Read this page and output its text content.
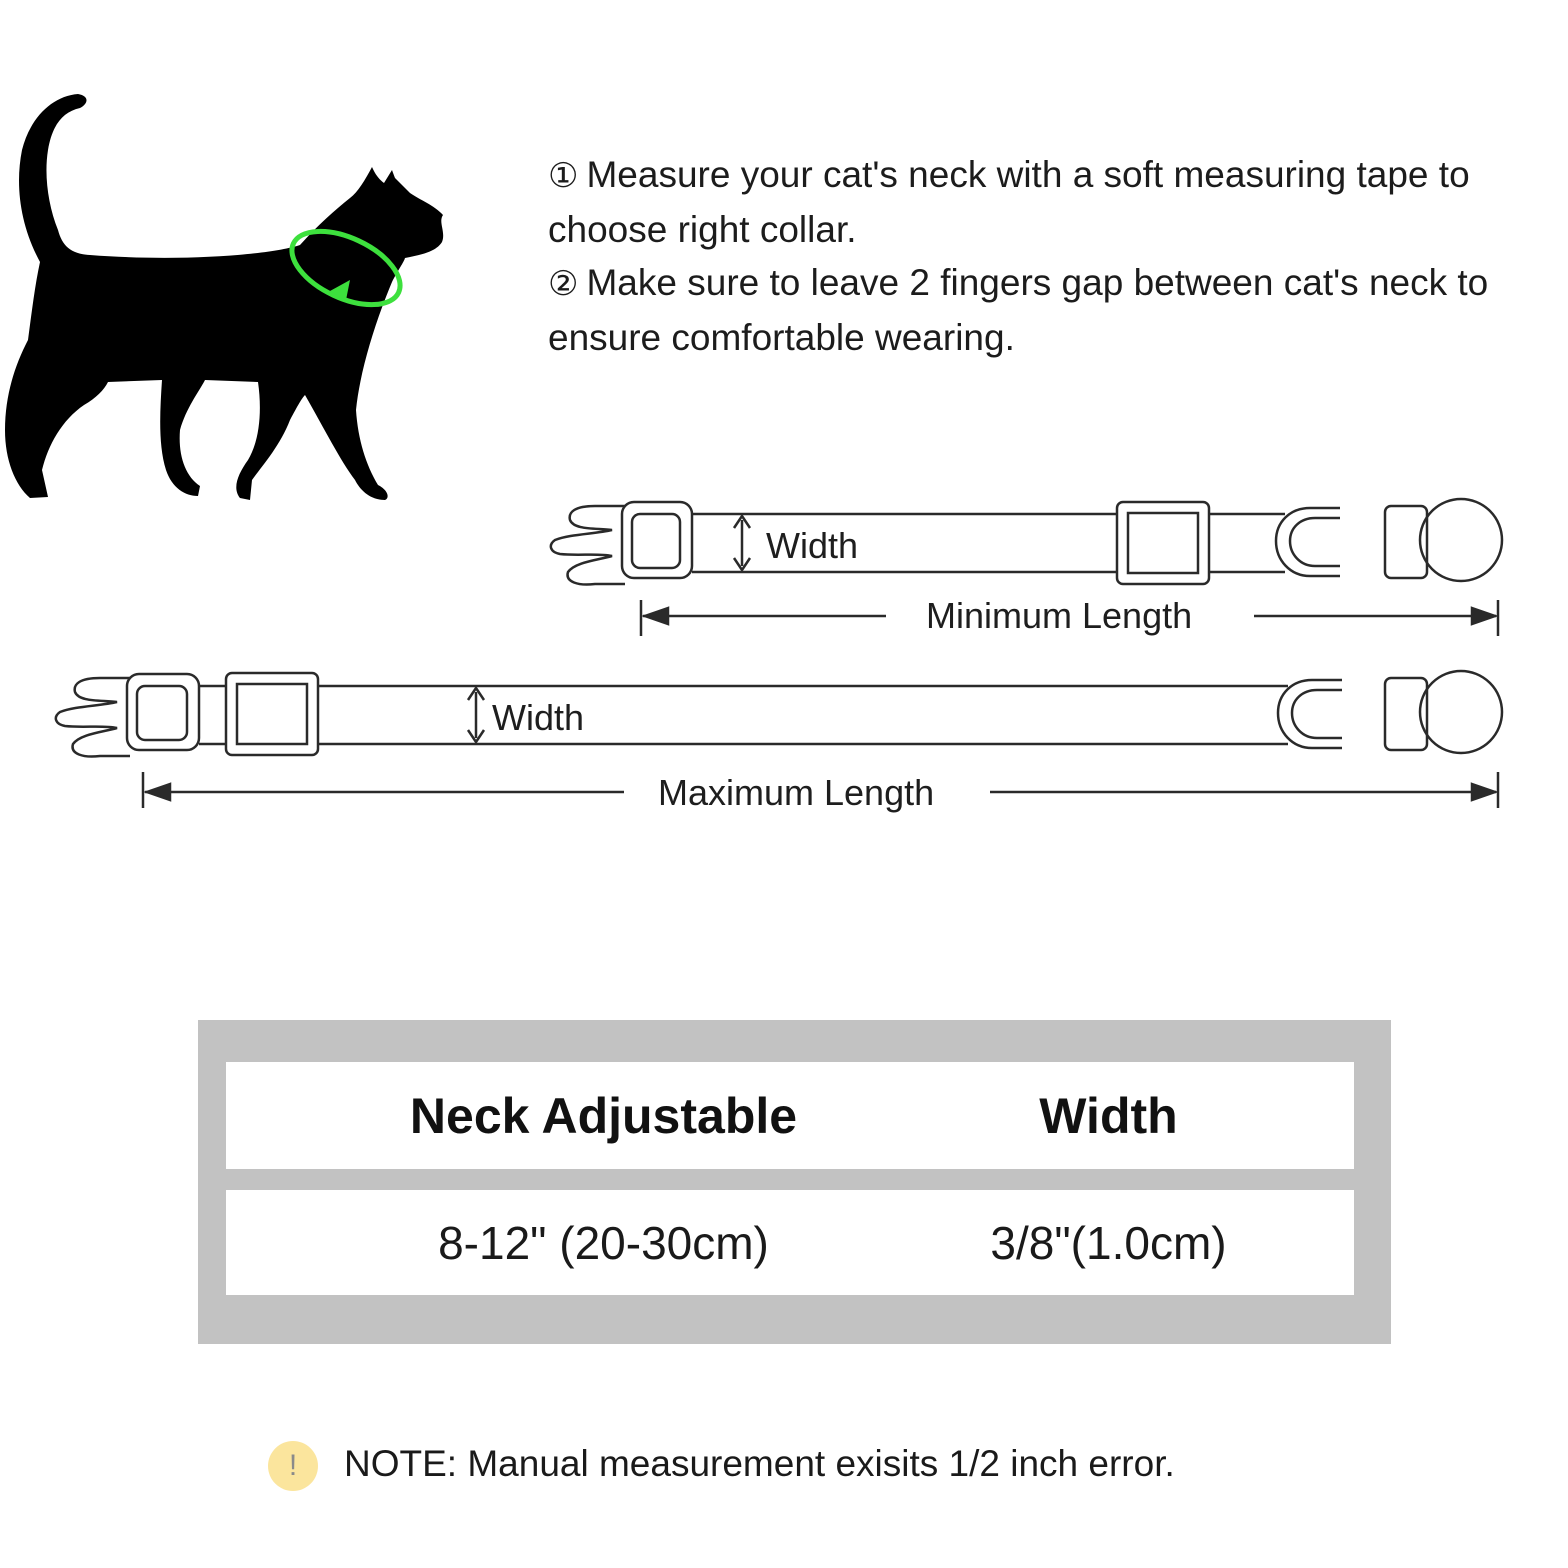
① Measure your cat's neck with a soft measuring tape to choose right collar.

② Make sure to leave 2 fingers gap between cat's neck to ensure comfortable wearing.

Width
Minimum Length
Width
Maximum Length
Neck Adjustable	Width
8-12" (20-30cm)	3/8"(1.0cm)
!	NOTE: Manual measurement exisits 1/2 inch error.
